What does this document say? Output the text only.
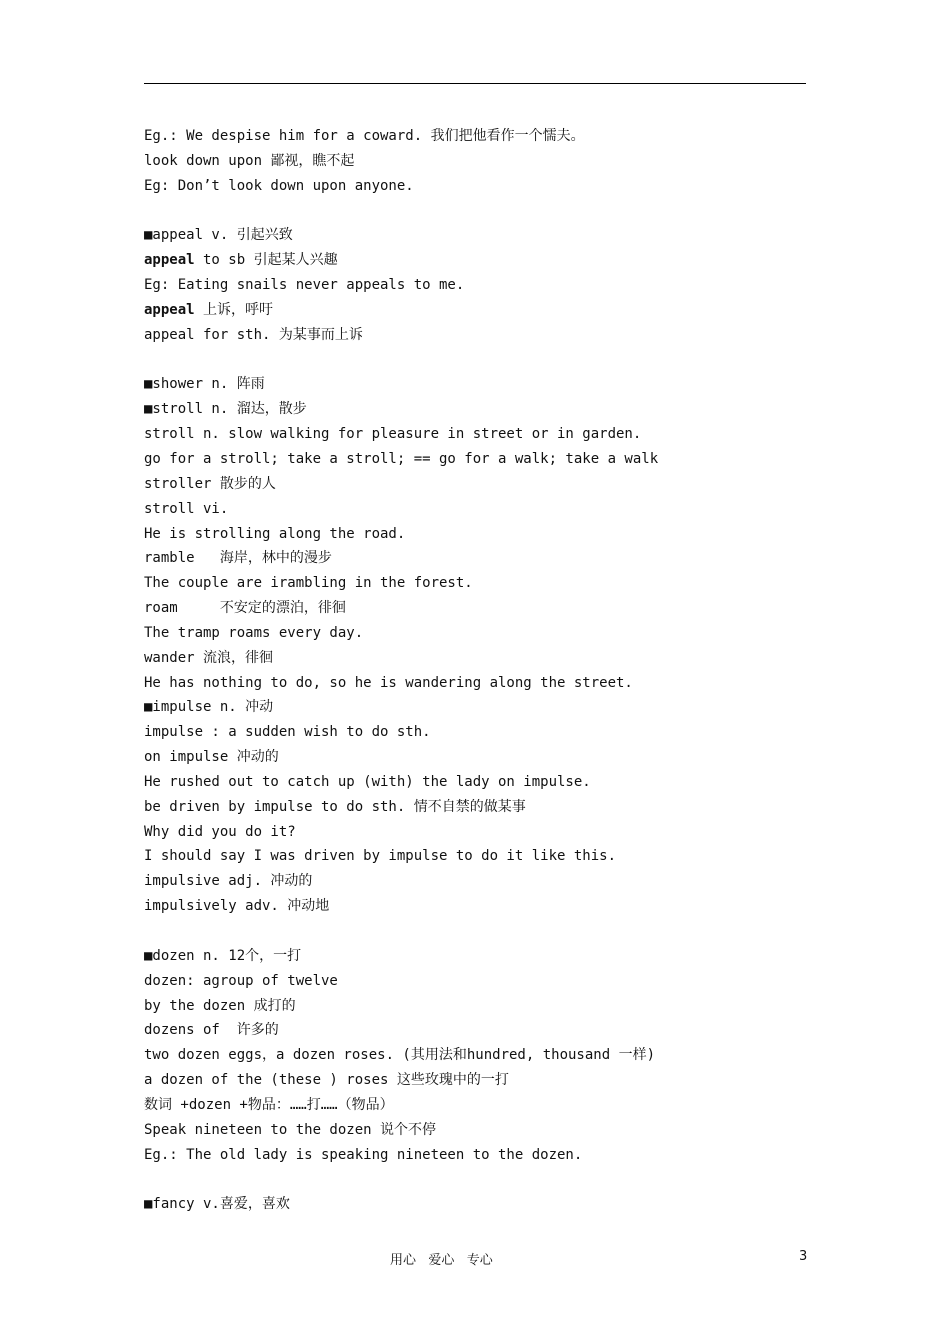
Eg.: We despise him for a coward. 我们把他看作一个懦夫。
look down upon 鄙视，瞧不起
Eg: Don’t look down upon anyone.
■appeal v. 引起兴致
appeal to sb 引起某人兴趣
Eg: Eating snails never appeals to me.
appeal 上诉，呼吁
appeal for sth. 为某事而上诉
■shower n. 阵雨
■stroll n. 溜达，散步
stroll n. slow walking for pleasure in street or in garden.
go for a stroll; take a stroll; == go for a walk; take a walk
stroller 散步的人
stroll vi.
He is strolling along the road.
ramble   海岸，林中的漫步
The couple are irambling in the forest.
roam     不安定的漂泊，徘徊
The tramp roams every day.
wander 流浪，徘徊
He has nothing to do, so he is wandering along the street.
■impulse n. 冲动
impulse : a sudden wish to do sth.
on impulse 冲动的
He rushed out to catch up (with) the lady on impulse.
be driven by impulse to do sth. 情不自禁的做某事
Why did you do it?
I should say I was driven by impulse to do it like this.
impulsive adj. 冲动的
impulsively adv. 冲动地
■dozen n. 12个，一打
dozen: agroup of twelve
by the dozen 成打的
dozens of  许多的
two dozen eggs，a dozen roses. (其用法和hundred, thousand 一样)
a dozen of the (these ) roses 这些玫瑰中的一打
数词 +dozen +物品：……打……（物品）
Speak nineteen to the dozen 说个不停
Eg.: The old lady is speaking nineteen to the dozen.
■fancy v.喜爱，喜欢
用心   爱心   专心	3
